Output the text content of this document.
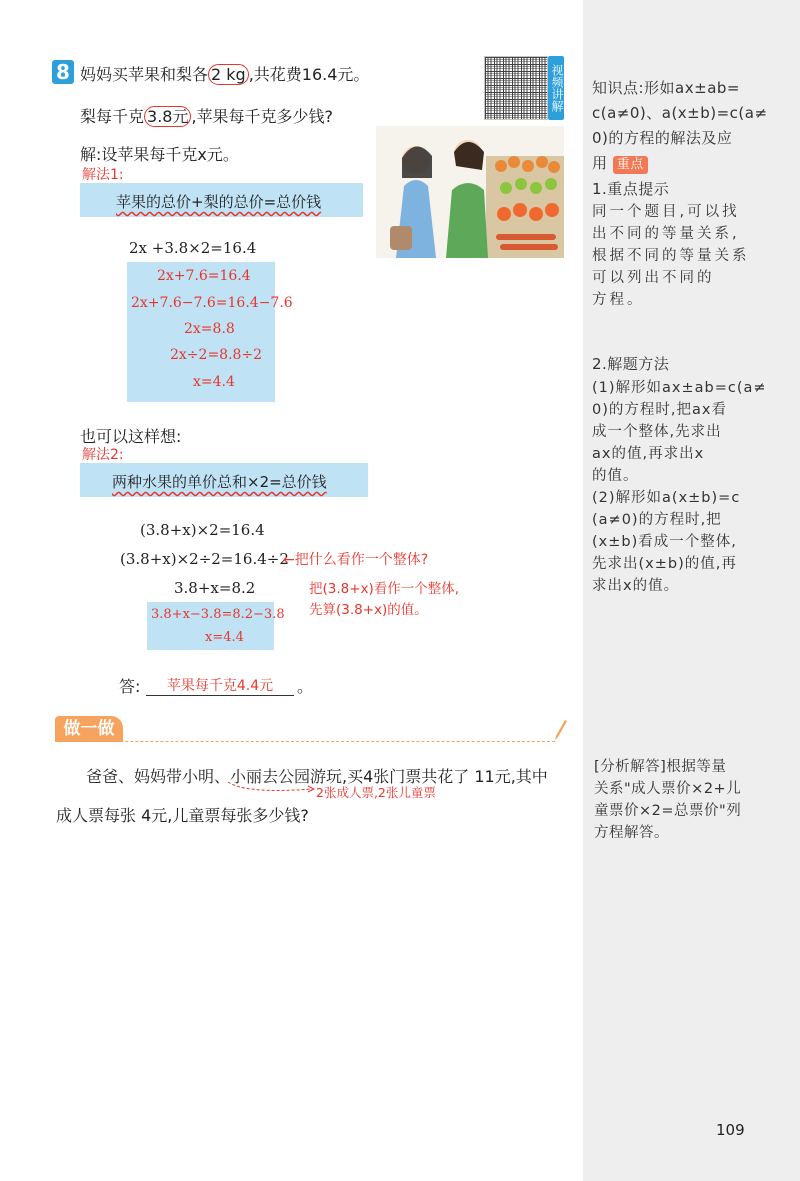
8 妈妈买苹果和梨各 2 kg ,共花费16.4元。
梨每千克 3.8元 ,苹果每千克多少钱?
视频讲解
解:设苹果每千克x元。
解法1:
苹果的总价+梨的总价=总价钱
2x +3.8×2=16.4
2x+7.6=16.4
2x+7.6−7.6=16.4−7.6
2x=8.8
2x÷2=8.8÷2
x=4.4
也可以这样想:
解法2:
两种水果的单价总和×2=总价钱
(3.8+x)×2=16.4
(3.8+x)×2÷2=16.4÷2
3.8+x=8.2
3.8+x−3.8=8.2−3.8
x=4.4
←把什么看作一个整体?
把(3.8+x)看作一个整体,
先算(3.8+x)的值。
答:	苹果每千克4.4元	。
做一做
爸爸、妈妈带小明、小丽去公园游玩,买4张门票共花了 11元,其中
2张成人票,2张儿童票
成人票每张 4元,儿童票每张多少钱?
知识点:形如ax±ab=
c(a≠0)、a(x±b)=c(a≠
0)的方程的解法及应
用 重点
1.重点提示
同一个题目,可以找
出不同的等量关系,
根据不同的等量关系
可以列出不同的
方程。
2.解题方法
(1)解形如ax±ab=c(a≠
0)的方程时,把ax看
成一个整体,先求出
ax的值,再求出x
的值。
(2)解形如a(x±b)=c
(a≠0)的方程时,把
(x±b)看成一个整体,
先求出(x±b)的值,再
求出x的值。
[分析解答]根据等量
关系"成人票价×2+儿
童票价×2=总票价"列
方程解答。
109
